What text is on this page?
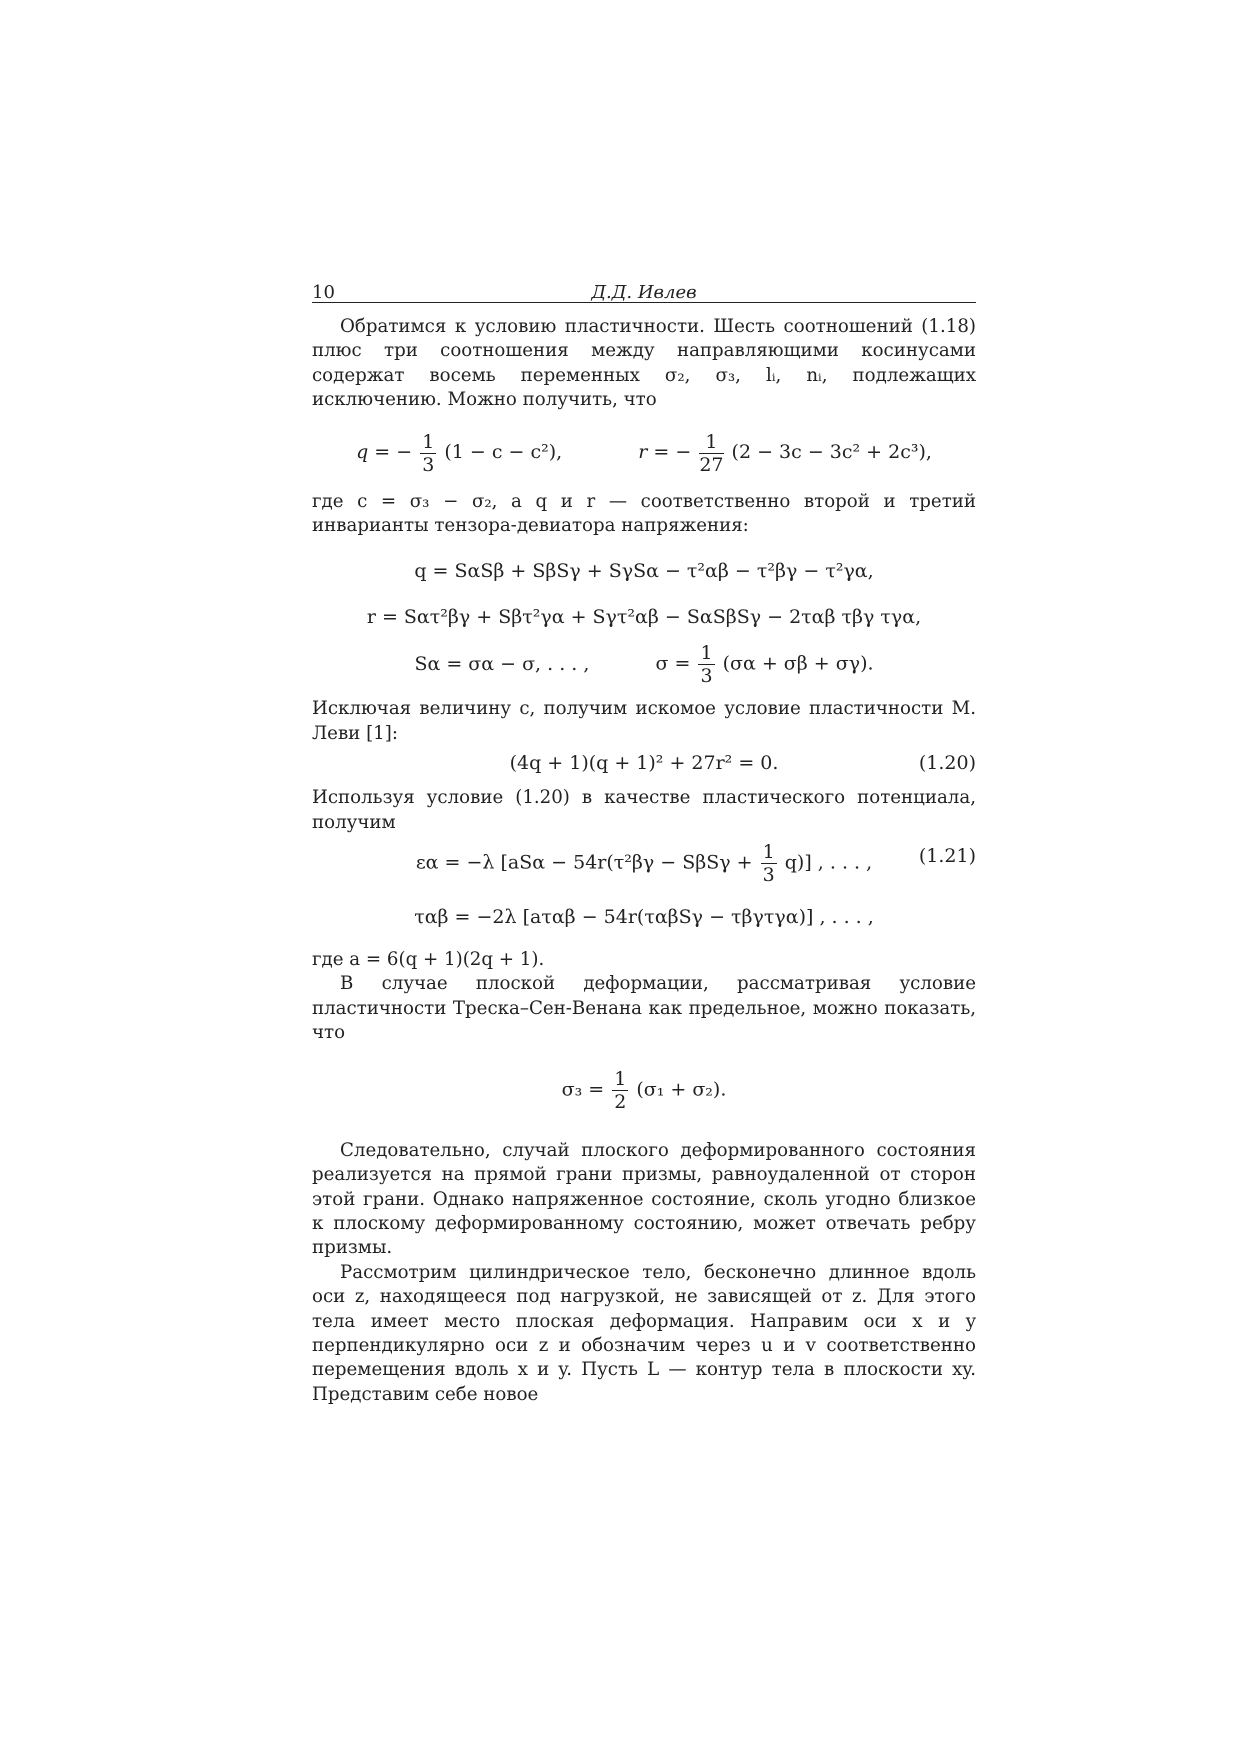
10	Д.Д. Ивлев

Обратимся к условию пластичности. Шесть соотношений (1.18) плюс три соотношения между направляющими косинусами содержат восемь переменных σ₂, σ₃, lᵢ, nᵢ, подлежащих исключению. Можно получить, что

q = − $\frac{1}{3} (1 - c - c^2)$,	r = − $\frac{1}{27} (2 - 3c - 3c^2 + 2c^3)$,

где c = σ₃ − σ₂, а q и r — соответственно второй и третий инварианты тензора-девиатора напряжения:

q = SαSβ + SβSγ + SγSα − τ²αβ − τ²βγ − τ²γα,
r = Sατ²βγ + Sβτ²γα + Sγτ²αβ − SαSβSγ − 2ταβ τβγ τγα,
Sα = σα − σ, . . . ,	$\sigma = \frac{1}{3} (\sigma\alpha + \sigma\beta + \sigma\gamma)$.

Исключая величину c, получим искомое условие пластичности М. Леви [1]:

(4q + 1)(q + 1)² + 27r² = 0.	(1.20)

Используя условие (1.20) в качестве пластического потенциала, получим

εα = −λ $[aS\alpha - 54r(\tau^2\beta\gamma - S\beta S\gamma + \frac{1}{3} q)]$ , . . . , (1.21)
ταβ = −2λ [aταβ − 54r(ταβSγ − τβγτγα)] , . . . ,

где a = 6(q + 1)(2q + 1).

В случае плоской деформации, рассматривая условие пластичности Треска–Сен-Венана как предельное, можно показать, что

$\sigma_3 = \frac{1}{2} (\sigma_1 + \sigma_2)$.

Следовательно, случай плоского деформированного состояния реализуется на прямой грани призмы, равноудаленной от сторон этой грани. Однако напряженное состояние, сколь угодно близкое к плоскому деформированному состоянию, может отвечать ребру призмы.

Рассмотрим цилиндрическое тело, бесконечно длинное вдоль оси z, находящееся под нагрузкой, не зависящей от z. Для этого тела имеет место плоская деформация. Направим оси x и y перпендикулярно оси z и обозначим через u и v соответственно перемещения вдоль x и y. Пусть L — контур тела в плоскости xy. Представим себе новое
